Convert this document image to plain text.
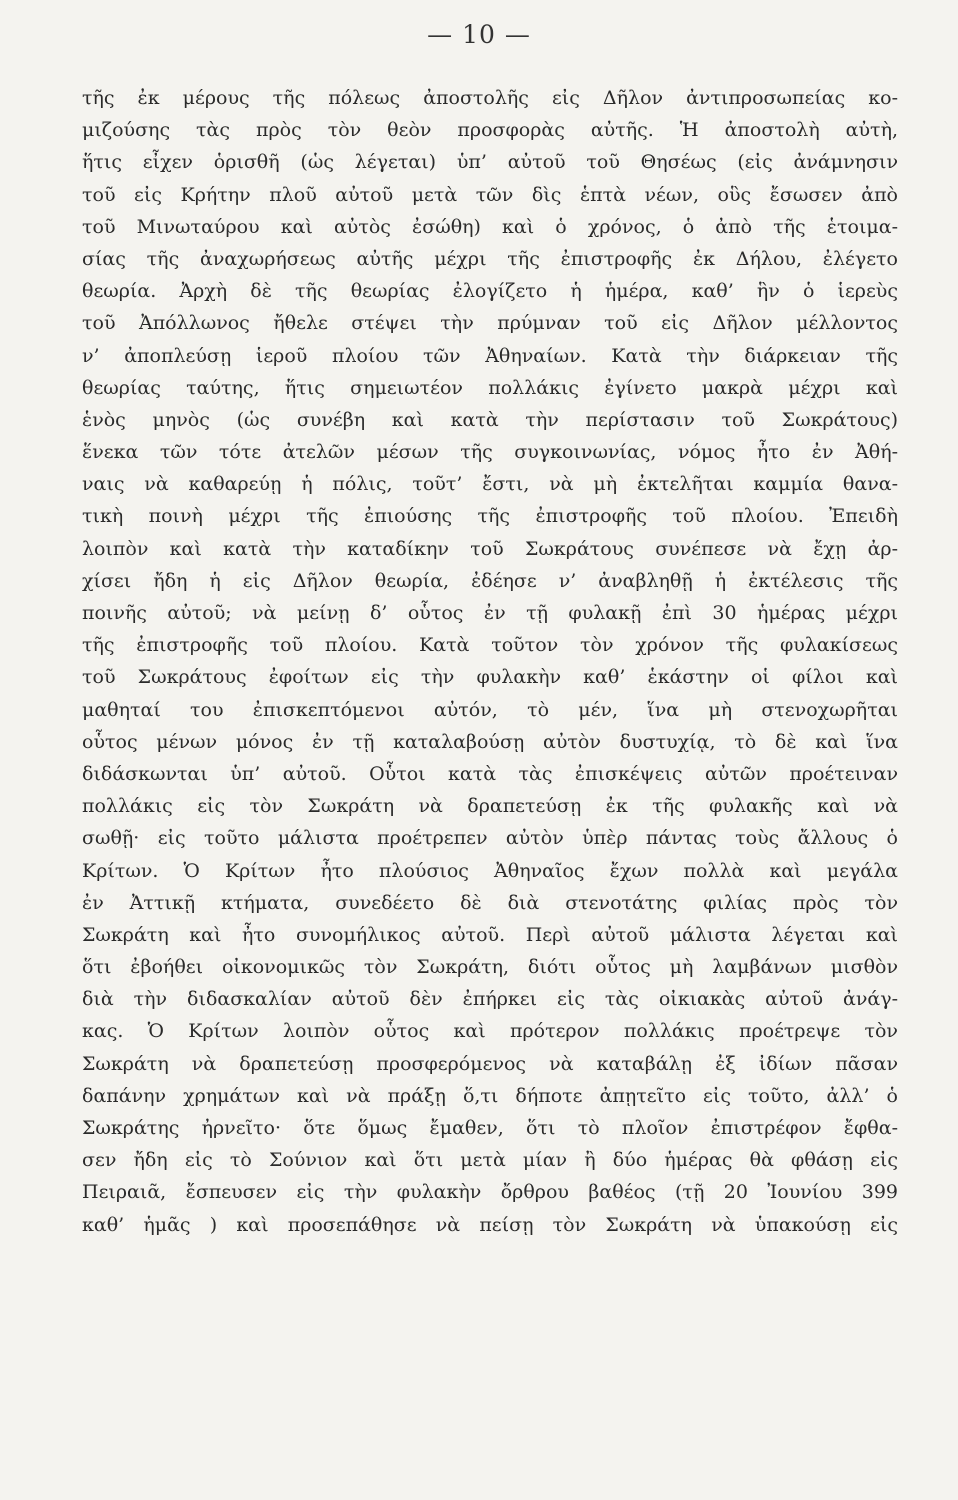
— 10 —
τῆς ἐκ μέρους τῆς πόλεως ἀποστολῆς εἰς Δῆλον ἀντιπροσωπείας κο-
μιζούσης τὰς πρὸς τὸν θεὸν προσφορὰς αὐτῆς. Ἡ ἀποστολὴ αὐτὴ,
ἥτις εἶχεν ὁρισθῆ (ὡς λέγεται) ὑπ’ αὐτοῦ τοῦ Θησέως (εἰς ἀνάμνησιν
τοῦ εἰς Κρήτην πλοῦ αὐτοῦ μετὰ τῶν δὶς ἑπτὰ νέων, οὓς ἔσωσεν ἀπὸ
τοῦ Μινωταύρου καὶ αὐτὸς ἐσώθη) καὶ ὁ χρόνος, ὁ ἀπὸ τῆς ἑτοιμα-
σίας τῆς ἀναχωρήσεως αὐτῆς μέχρι τῆς ἐπιστροφῆς ἐκ Δήλου, ἐλέγετο
θεωρία. Ἀρχὴ δὲ τῆς θεωρίας ἐλογίζετο ἡ ἡμέρα, καθ’ ἣν ὁ ἱερεὺς
τοῦ Ἀπόλλωνος ἤθελε στέψει τὴν πρύμναν τοῦ εἰς Δῆλον μέλλοντος
ν’ ἀποπλεύσῃ ἱεροῦ πλοίου τῶν Ἀθηναίων. Κατὰ τὴν διάρκειαν τῆς
θεωρίας ταύτης, ἥτις σημειωτέον πολλάκις ἐγίνετο μακρὰ μέχρι καὶ
ἑνὸς μηνὸς (ὡς συνέβη καὶ κατὰ τὴν περίστασιν τοῦ Σωκράτους)
ἕνεκα τῶν τότε ἀτελῶν μέσων τῆς συγκοινωνίας, νόμος ἦτο ἐν Ἀθή-
ναις νὰ καθαρεύῃ ἡ πόλις, τοῦτ’ ἔστι, νὰ μὴ ἐκτελῆται καμμία θανα-
τικὴ ποινὴ μέχρι τῆς ἐπιούσης τῆς ἐπιστροφῆς τοῦ πλοίου. Ἐπειδὴ
λοιπὸν καὶ κατὰ τὴν καταδίκην τοῦ Σωκράτους συνέπεσε νὰ ἔχῃ ἀρ-
χίσει ἤδη ἡ εἰς Δῆλον θεωρία, ἐδέησε ν’ ἀναβληθῇ ἡ ἐκτέλεσις τῆς
ποινῆς αὐτοῦ; νὰ μείνῃ δ’ οὗτος ἐν τῇ φυλακῇ ἐπὶ 30 ἡμέρας μέχρι
τῆς ἐπιστροφῆς τοῦ πλοίου. Κατὰ τοῦτον τὸν χρόνον τῆς φυλακίσεως
τοῦ Σωκράτους ἐφοίτων εἰς τὴν φυλακὴν καθ’ ἑκάστην οἱ φίλοι καὶ
μαθηταί του ἐπισκεπτόμενοι αὐτόν, τὸ μέν, ἵνα μὴ στενοχωρῆται
οὗτος μένων μόνος ἐν τῇ καταλαβούσῃ αὐτὸν δυστυχίᾳ, τὸ δὲ καὶ ἵνα
διδάσκωνται ὑπ’ αὐτοῦ. Οὗτοι κατὰ τὰς ἐπισκέψεις αὐτῶν προέτειναν
πολλάκις εἰς τὸν Σωκράτη νὰ δραπετεύσῃ ἐκ τῆς φυλακῆς καὶ νὰ
σωθῇ· εἰς τοῦτο μάλιστα προέτρεπεν αὐτὸν ὑπὲρ πάντας τοὺς ἄλλους ὁ
Κρίτων. Ὁ Κρίτων ἦτο πλούσιος Ἀθηναῖος ἔχων πολλὰ καὶ μεγάλα
ἐν Ἀττικῇ κτήματα, συνεδέετο δὲ διὰ στενοτάτης φιλίας πρὸς τὸν
Σωκράτη καὶ ἦτο συνομήλικος αὐτοῦ. Περὶ αὐτοῦ μάλιστα λέγεται καὶ
ὅτι ἐβοήθει οἰκονομικῶς τὸν Σωκράτη, διότι οὗτος μὴ λαμβάνων μισθὸν
διὰ τὴν διδασκαλίαν αὐτοῦ δὲν ἐπήρκει εἰς τὰς οἰκιακὰς αὐτοῦ ἀνάγ-
κας. Ὁ Κρίτων λοιπὸν οὗτος καὶ πρότερον πολλάκις προέτρεψε τὸν
Σωκράτη νὰ δραπετεύσῃ προσφερόμενος νὰ καταβάλῃ ἐξ ἰδίων πᾶσαν
δαπάνην χρημάτων καὶ νὰ πράξῃ ὅ,τι δήποτε ἀπῃτεῖτο εἰς τοῦτο, ἀλλ’ ὁ
Σωκράτης ἠρνεῖτο· ὅτε ὅμως ἔμαθεν, ὅτι τὸ πλοῖον ἐπιστρέφον ἔφθα-
σεν ἤδη εἰς τὸ Σούνιον καὶ ὅτι μετὰ μίαν ἢ δύο ἡμέρας θὰ φθάσῃ εἰς
Πειραιᾶ, ἔσπευσεν εἰς τὴν φυλακὴν ὄρθρου βαθέος (τῇ 20 Ἰουνίου 399
καθ’ ἡμᾶς ) καὶ προσεπάθησε νὰ πείσῃ τὸν Σωκράτη νὰ ὑπακούσῃ εἰς
